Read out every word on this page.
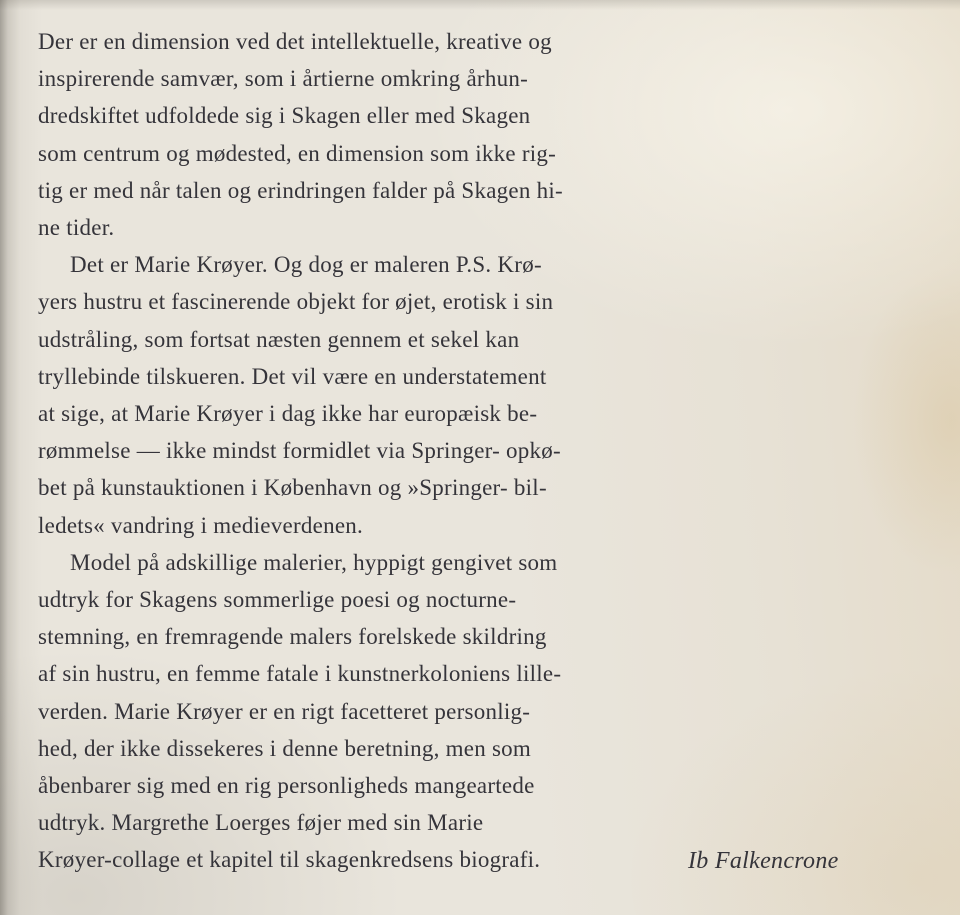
Der er en dimension ved det intellektuelle, kreative og
inspirerende samvær, som i årtierne omkring århun-
dredskiftet udfoldede sig i Skagen eller med Skagen
som centrum og mødested, en dimension som ikke rig-
tig er med når talen og erindringen falder på Skagen hi-
ne tider.

Det er Marie Krøyer. Og dog er maleren P.S. Krø-
yers hustru et fascinerende objekt for øjet, erotisk i sin
udstråling, som fortsat næsten gennem et sekel kan
tryllebinde tilskueren. Det vil være en understatement
at sige, at Marie Krøyer i dag ikke har europæisk be-
rømmelse — ikke mindst formidlet via Springer- opkø-
bet på kunstauktionen i København og »Springer- bil-
ledets« vandring i medieverdenen.

Model på adskillige malerier, hyppigt gengivet som
udtryk for Skagens sommerlige poesi og nocturne-
stemning, en fremragende malers forelskede skildring
af sin hustru, en femme fatale i kunstnerkoloniens lille-
verden. Marie Krøyer er en rigt facetteret personlig-
hed, der ikke dissekeres i denne beretning, men som
åbenbarer sig med en rig personligheds mangeartede
udtryk. Margrethe Loerges føjer med sin Marie
Krøyer-collage et kapitel til skagenkredsens biografi.	Ib Falkencrone
